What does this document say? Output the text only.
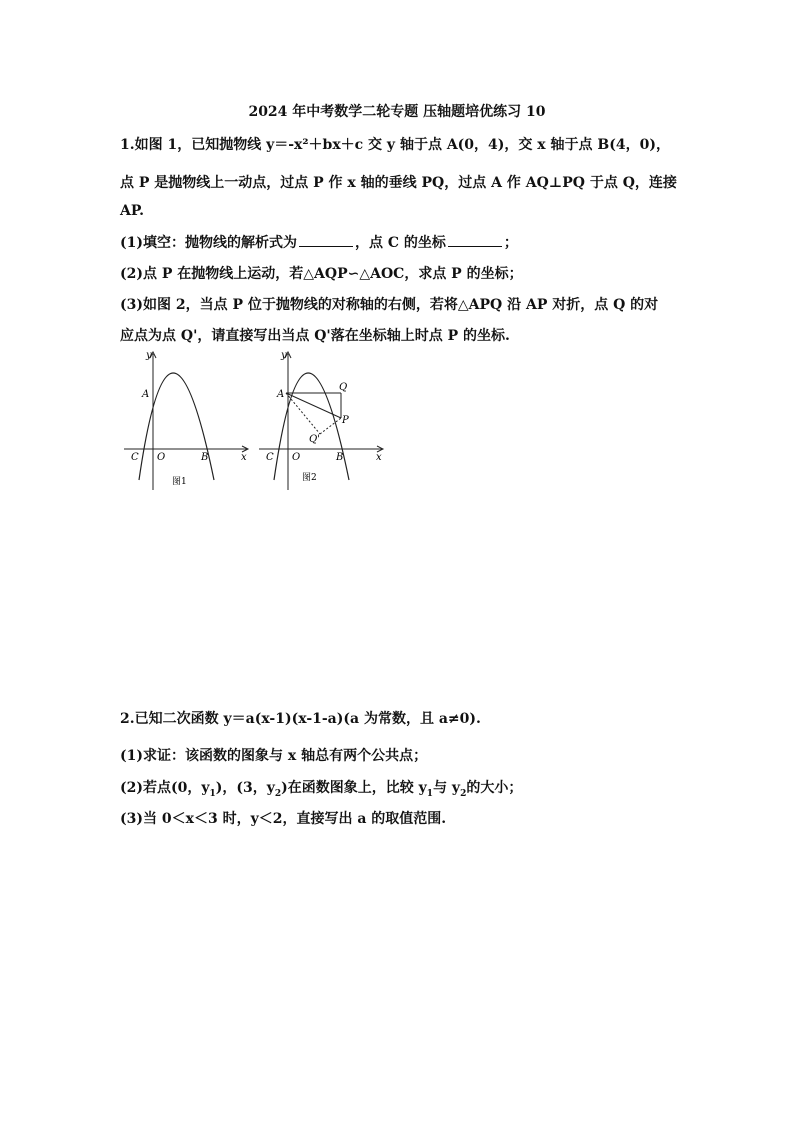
2024 年中考数学二轮专题 压轴题培优练习 10
1.如图 1，已知抛物线 y＝-x²＋bx＋c 交 y 轴于点 A(0，4)，交 x 轴于点 B(4，0)，
点 P 是抛物线上一动点，过点 P 作 x 轴的垂线 PQ，过点 A 作 AQ⊥PQ 于点 Q，连接
AP.
(1)填空：抛物线的解析式为	，点 C 的坐标	；
(2)点 P 在抛物线上运动，若△AQP∽△AOC，求点 P 的坐标；
(3)如图 2，当点 P 位于抛物线的对称轴的右侧，若将△APQ 沿 AP 对折，点 Q 的对
应点为点 Q'，请直接写出当点 Q'落在坐标轴上时点 P 的坐标.
y
x
A
C O	B
图1
y
x
A
Q
P
Q'
C O	B
图2
2.已知二次函数 y＝a(x-1)(x-1-a)(a 为常数，且 a≠0).
(1)求证：该函数的图象与 x 轴总有两个公共点；
(2)若点(0，$y_1$)，(3，$y_2$)在函数图象上，比较 $y_1$与 $y_2$的大小；
(3)当 0＜x＜3 时，y＜2，直接写出 a 的取值范围.
